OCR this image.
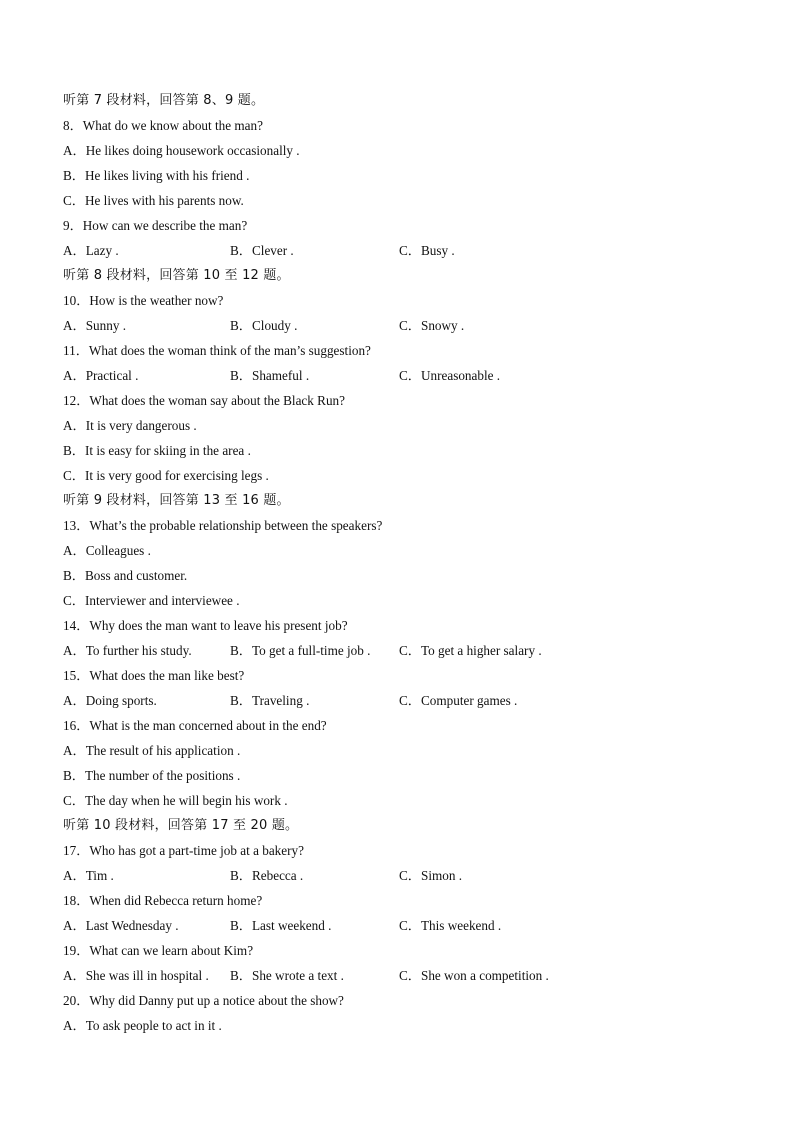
听第 7 段材料，回答第 8、9 题。
8．What do we know about the man?
A．He likes doing housework occasionally .
B．He likes living with his friend .
C．He lives with his parents now.
9．How can we describe the man?
A．Lazy .	B．Clever .	C．Busy .
听第 8 段材料，回答第 10 至 12 题。
10．How is the weather now?
A．Sunny .	B．Cloudy .	C．Snowy .
11．What does the woman think of the man’s suggestion?
A．Practical .	B．Shameful .	C．Unreasonable .
12．What does the woman say about the Black Run?
A．It is very dangerous .
B．It is easy for skiing in the area .
C．It is very good for exercising legs .
听第 9 段材料，回答第 13 至 16 题。
13．What’s the probable relationship between the speakers?
A．Colleagues .
B．Boss and customer.
C．Interviewer and interviewee .
14．Why does the man want to leave his present job?
A．To further his study.	B．To get a full-time job . C．To get a higher salary .
15．What does the man like best?
A．Doing sports.	B．Traveling .	C．Computer games .
16．What is the man concerned about in the end?
A．The result of his application .
B．The number of the positions .
C．The day when he will begin his work .
听第 10 段材料，回答第 17 至 20 题。
17．Who has got a part-time job at a bakery?
A．Tim .	B．Rebecca .	C．Simon .
18．When did Rebecca return home?
A．Last Wednesday .	B．Last weekend .	C．This weekend .
19．What can we learn about Kim?
A．She was ill in hospital . B．She wrote a text .	C．She won a competition .
20．Why did Danny put up a notice about the show?
A．To ask people to act in it .
